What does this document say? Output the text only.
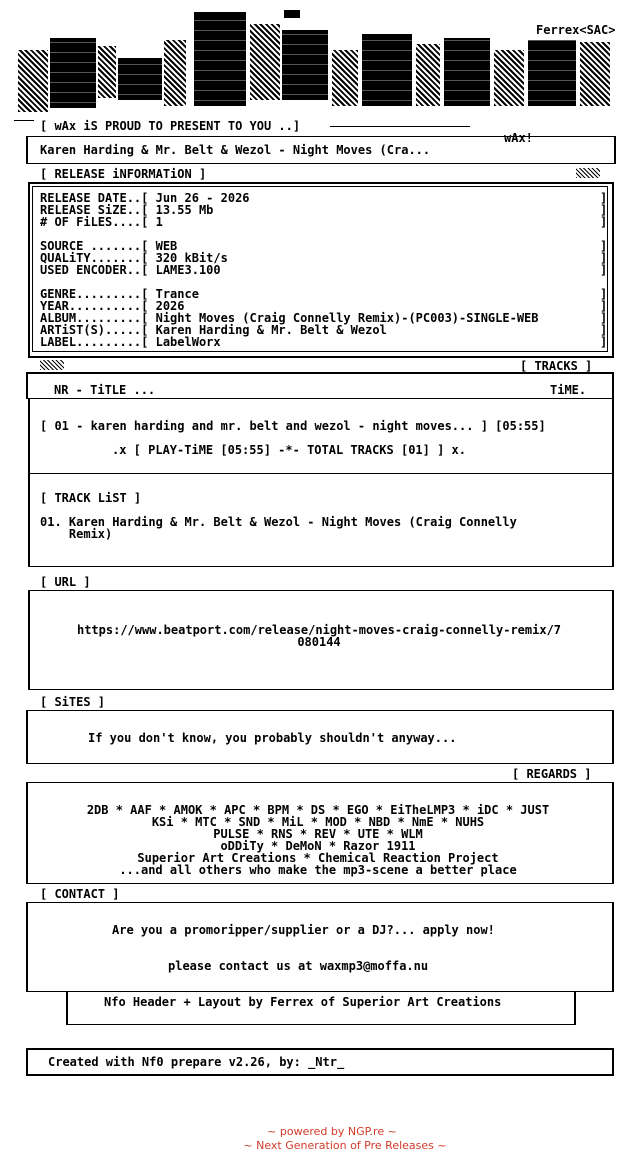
Ferrex<SAC>
[ wAx iS PROUD TO PRESENT TO YOU ..]
wAx!
Karen Harding & Mr. Belt & Wezol - Night Moves (Cra...
[ RELEASE iNFORMATiON ]
RELEASE DATE..[ Jun 26 - 2026
RELEASE SiZE..[ 13.55 Mb
# OF FiLES....[ 1
SOURCE .......[ WEB
QUALiTY.......[ 320 kBit/s
USED ENCODER..[ LAME3.100
GENRE.........[ Trance
YEAR..........[ 2026
ALBUM.........[ Night Moves (Craig Connelly Remix)-(PC003)-SINGLE-WEB
ARTiST(S).....[ Karen Harding & Mr. Belt & Wezol
LABEL.........[ LabelWorx
]
]
]

]
]
]

]
]
]
]
]
[ TRACKS ]
NR - TiTLE ...	TiME.
[ 01 - karen harding and mr. belt and wezol - night moves... ] [05:55]
.x [ PLAY-TiME [05:55] -*- TOTAL TRACKS [01] ] x.
[ TRACK LiST ]
01. Karen Harding & Mr. Belt & Wezol - Night Moves (Craig Connelly
Remix)
[ URL ]
https://www.beatport.com/release/night-moves-craig-connelly-remix/7
080144
[ SiTES ]
If you don't know, you probably shouldn't anyway...
[ REGARDS ]
2DB * AAF * AMOK * APC * BPM * DS * EGO * EiTheLMP3 * iDC * JUST
KSi * MTC * SND * MiL * MOD * NBD * NmE * NUHS
PULSE * RNS * REV * UTE * WLM
oDDiTy * DeMoN * Razor 1911
Superior Art Creations * Chemical Reaction Project
...and all others who make the mp3-scene a better place
[ CONTACT ]
Are you a promoripper/supplier or a DJ?... apply now!
please contact us at waxmp3@moffa.nu
Nfo Header + Layout by Ferrex of Superior Art Creations
Created with Nf0 prepare v2.26, by: _Ntr_
~ powered by NGP.re ~
~ Next Generation of Pre Releases ~
